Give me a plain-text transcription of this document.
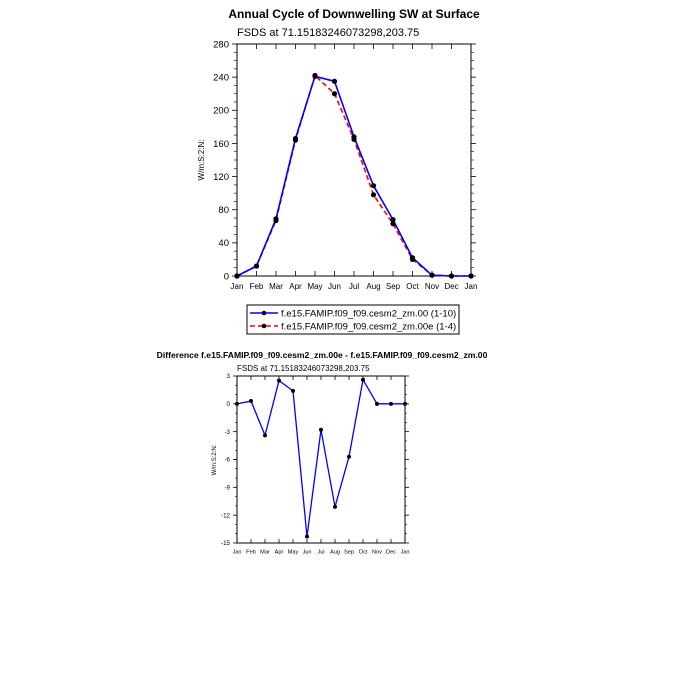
Annual Cycle of Downwelling SW at Surface
FSDS at 71.15183246073298,203.75
W/m:S:2:N:
0
40
80
120
160
200
240
280
Jan Feb Mar Apr May Jun Jul Aug Sep Oct Nov Dec Jan
f.e15.FAMIP.f09_f09.cesm2_zm.00 (1-10)
f.e15.FAMIP.f09_f09.cesm2_zm.00e (1-4)
Difference f.e15.FAMIP.f09_f09.cesm2_zm.00e - f.e15.FAMIP.f09_f09.cesm2_zm.00
FSDS at 71.15183246073298,203.75
W/m:S:2:N:
-15
-12
-9
-6
-3
0
3
Jan Feb Mar Apr May Jun Jul Aug Sep Oct Nov Dec Jan
